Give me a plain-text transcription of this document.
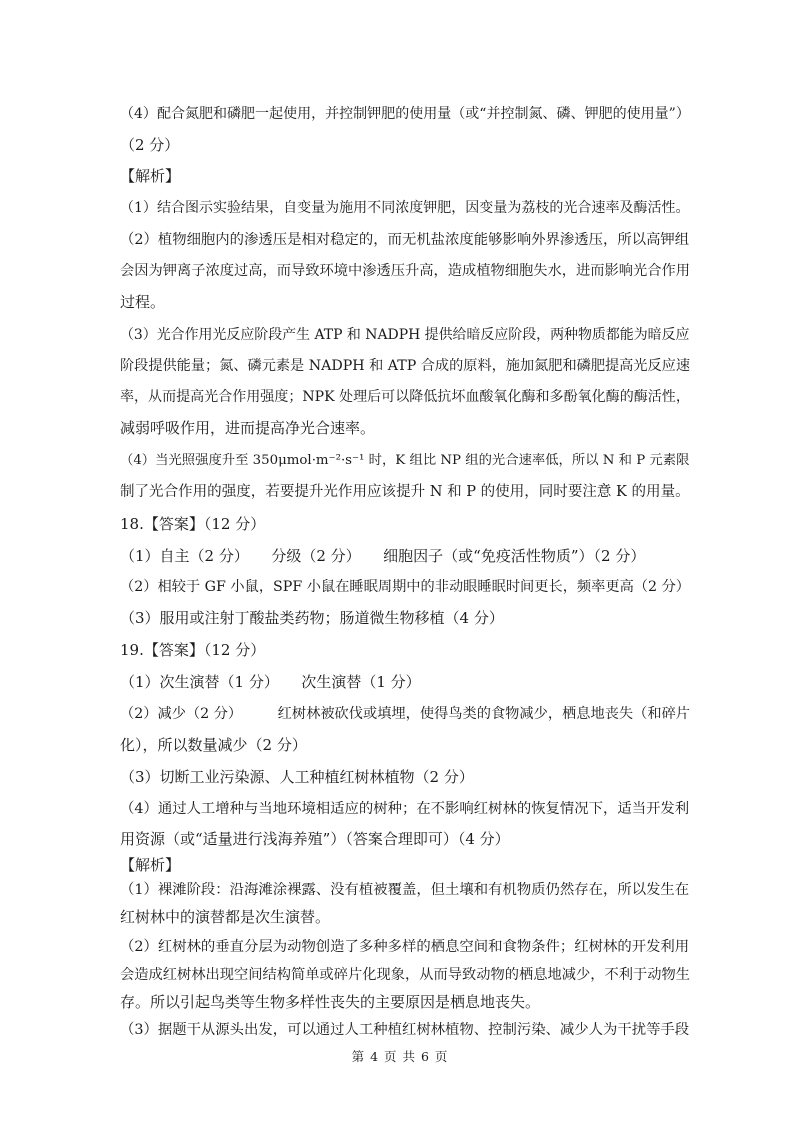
（4）配合氮肥和磷肥一起使用，并控制钾肥的使用量（或“并控制氮、磷、钾肥的使用量”）
（2 分）
【解析】
（1）结合图示实验结果，自变量为施用不同浓度钾肥，因变量为荔枝的光合速率及酶活性。
（2）植物细胞内的渗透压是相对稳定的，而无机盐浓度能够影响外界渗透压，所以高钾组
会因为钾离子浓度过高，而导致环境中渗透压升高，造成植物细胞失水，进而影响光合作用
过程。
（3）光合作用光反应阶段产生 ATP 和 NADPH 提供给暗反应阶段，两种物质都能为暗反应
阶段提供能量；氮、磷元素是 NADPH 和 ATP 合成的原料，施加氮肥和磷肥提高光反应速
率，从而提高光合作用强度；NPK 处理后可以降低抗坏血酸氧化酶和多酚氧化酶的酶活性，
减弱呼吸作用，进而提高净光合速率。
（4）当光照强度升至 350μmol·m⁻²·s⁻¹ 时，K 组比 NP 组的光合速率低，所以 N 和 P 元素限
制了光合作用的强度，若要提升光作用应该提升 N 和 P 的使用，同时要注意 K 的用量。
18.【答案】（12 分）
（1）自主（2 分）　　分级（2 分）　　细胞因子（或“免疫活性物质”）（2 分）
（2）相较于 GF 小鼠，SPF 小鼠在睡眠周期中的非动眼睡眠时间更长，频率更高（2 分）
（3）服用或注射丁酸盐类药物；肠道微生物移植（4 分）
19.【答案】（12 分）
（1）次生演替（1 分）　　次生演替（1 分）
（2）减少（2 分）　　　红树林被砍伐或填埋，使得鸟类的食物减少，栖息地丧失（和碎片
化），所以数量减少（2 分）
（3）切断工业污染源、人工种植红树林植物（2 分）
（4）通过人工增种与当地环境相适应的树种；在不影响红树林的恢复情况下，适当开发利
用资源（或“适量进行浅海养殖”）（答案合理即可）（4 分）
【解析】
（1）裸滩阶段：沿海滩涂裸露、没有植被覆盖，但土壤和有机物质仍然存在，所以发生在
红树林中的演替都是次生演替。
（2）红树林的垂直分层为动物创造了多种多样的栖息空间和食物条件；红树林的开发利用
会造成红树林出现空间结构简单或碎片化现象，从而导致动物的栖息地减少，不利于动物生
存。所以引起鸟类等生物多样性丧失的主要原因是栖息地丧失。
（3）据题干从源头出发，可以通过人工种植红树林植物、控制污染、减少人为干扰等手段
第 4 页 共 6 页
